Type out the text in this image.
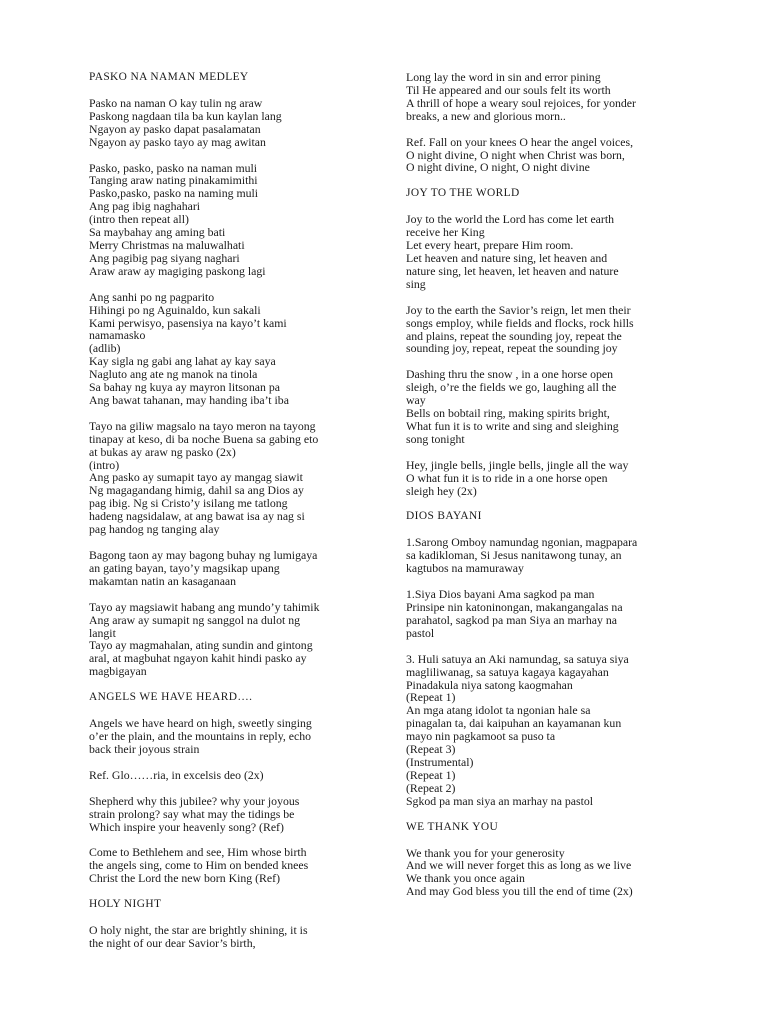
PASKO NA NAMAN MEDLEY
Pasko na naman O kay tulin ng araw
Paskong nagdaan tila ba kun kaylan lang
Ngayon ay pasko dapat pasalamatan
Ngayon ay pasko tayo ay mag awitan
Pasko, pasko, pasko na naman muli
Tanging araw nating pinakamimithi
Pasko,pasko, pasko na naming muli
Ang pag ibig naghahari
(intro then repeat all)
Sa maybahay ang aming bati
Merry Christmas na maluwalhati
Ang pagibig pag siyang naghari
Araw araw ay magiging paskong lagi
Ang sanhi po ng pagparito
Hihingi po ng Aguinaldo, kun sakali
Kami perwisyo, pasensiya na kayo’t kami
namamasko
(adlib)
Kay sigla ng gabi ang lahat ay kay saya
Nagluto ang ate ng manok na tinola
Sa bahay ng kuya ay mayron litsonan pa
Ang bawat tahanan, may handing iba’t iba
Tayo na giliw magsalo na tayo meron na tayong
tinapay at keso, di ba noche Buena sa gabing eto
at bukas ay araw ng pasko (2x)
(intro)
Ang pasko ay sumapit tayo ay mangag siawit
Ng magagandang himig, dahil sa ang Dios ay
pag ibig. Ng si Cristo’y isilang me tatlong
hadeng nagsidalaw, at ang bawat isa ay nag si
pag handog ng tanging alay
Bagong taon ay may bagong buhay ng lumigaya
an gating bayan, tayo’y magsikap upang
makamtan natin an kasaganaan
Tayo ay magsiawit habang ang mundo’y tahimik
Ang araw ay sumapit ng sanggol na dulot ng
langit
Tayo ay magmahalan, ating sundin and gintong
aral, at magbuhat ngayon kahit hindi pasko ay
magbigayan
ANGELS WE HAVE HEARD….
Angels we have heard on high, sweetly singing
o’er the plain, and the mountains in reply, echo
back their joyous strain
Ref. Glo……ria, in excelsis deo (2x)
Shepherd why this jubilee? why your joyous
strain prolong? say what may the tidings be
Which inspire your heavenly song? (Ref)
Come to Bethlehem and see, Him whose birth
the angels sing, come to Him on bended knees
Christ the Lord the new born King (Ref)
HOLY NIGHT
O holy night, the star are brightly shining, it is
the night of our dear Savior’s birth,
Long lay the word in sin and error pining
Til He appeared and our souls felt its worth
A thrill of hope a weary soul rejoices, for yonder
breaks, a new and glorious morn..
Ref. Fall on your knees O hear the angel voices,
O night divine, O night when Christ was born,
O night divine, O night, O night divine
JOY TO THE WORLD
Joy to the world the Lord has come let earth
receive her King
Let every heart, prepare Him room.
Let heaven and nature sing, let heaven and
nature sing, let heaven, let heaven and nature
sing
Joy to the earth the Savior’s reign, let men their
songs employ, while fields and flocks, rock hills
and plains, repeat the sounding joy, repeat the
sounding joy, repeat, repeat the sounding joy
Dashing thru the snow , in a one horse open
sleigh, o’re the fields we go, laughing all the
way
Bells on bobtail ring, making spirits bright,
What fun it is to write and sing and sleighing
song tonight
Hey, jingle bells, jingle bells, jingle all the way
O what fun it is to ride in a one horse open
sleigh hey (2x)
DIOS BAYANI
1.Sarong Omboy namundag ngonian, magpapara
sa kadikloman, Si Jesus nanitawong tunay, an
kagtubos na mamuraway
1.Siya Dios bayani Ama sagkod pa man
Prinsipe nin katoninongan, makangangalas na
parahatol, sagkod pa man Siya an marhay na
pastol
3. Huli satuya an Aki namundag, sa satuya siya
magliliwanag, sa satuya kagaya kagayahan
Pinadakula niya satong kaogmahan
(Repeat 1)
An mga atang idolot ta ngonian hale sa
pinagalan ta, dai kaipuhan an kayamanan kun
mayo nin pagkamoot sa puso ta
(Repeat 3)
(Instrumental)
(Repeat 1)
(Repeat 2)
Sgkod pa man siya an marhay na pastol
WE THANK YOU
We thank you for your generosity
And we will never forget this as long as we live
We thank you once again
And may God bless you till the end of time (2x)
